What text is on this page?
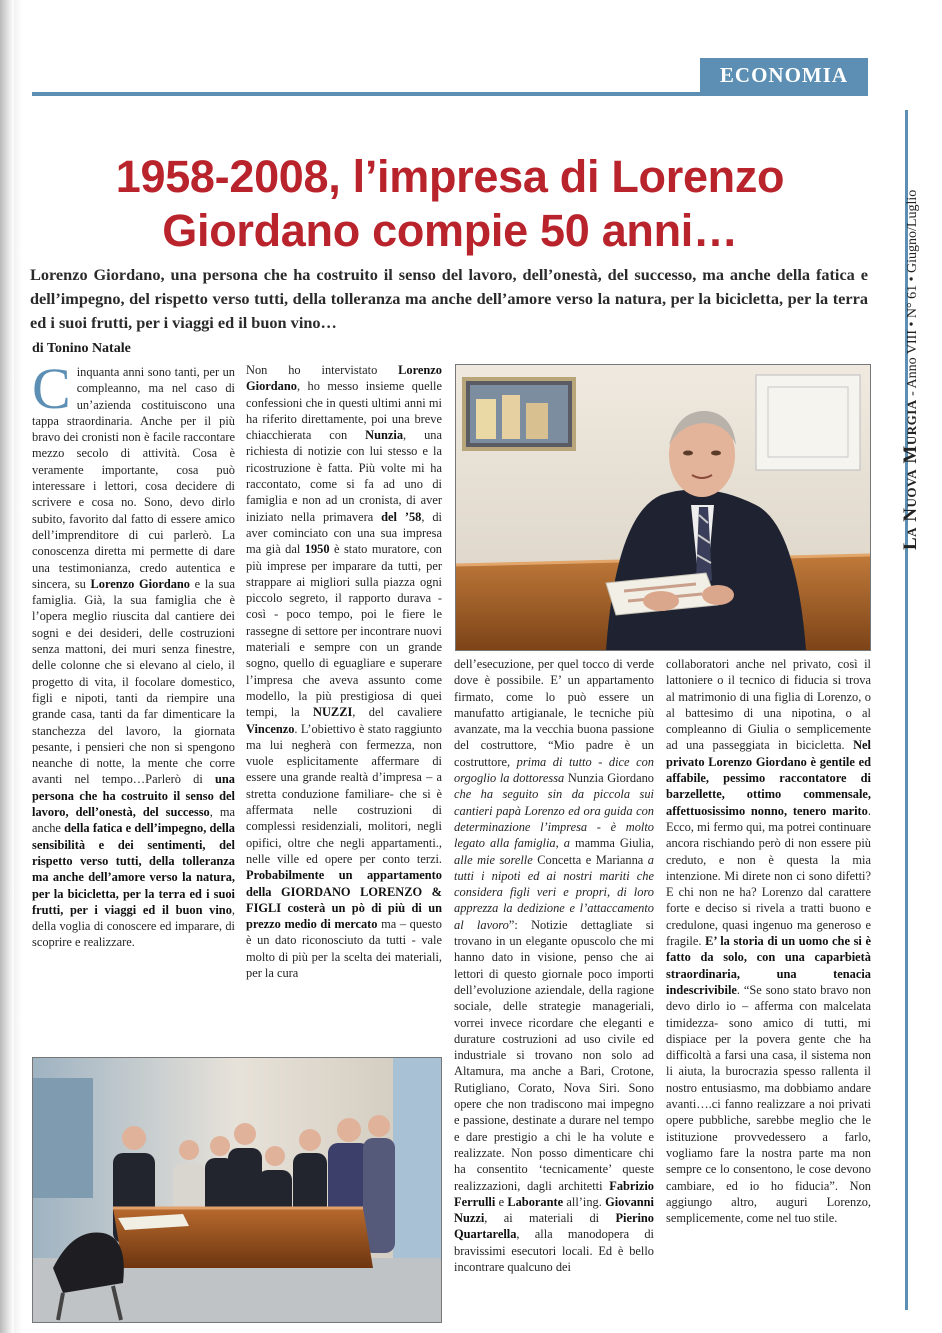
ECONOMIA
La Nuova Murgia - Anno VIII • N° 61 • Giugno/Luglio
1958-2008, l’impresa di Lorenzo
Giordano compie 50 anni…
Lorenzo Giordano, una persona che ha costruito il senso del lavoro, dell’onestà, del successo, ma anche della fatica e dell’impegno, del rispetto verso tutti, della tolleranza ma anche dell’amore verso la natura, per la bicicletta, per la terra ed i suoi frutti, per i viaggi ed il buon vino…
di Tonino Natale

Cinquanta anni sono tanti, per un compleanno, ma nel caso di un’azienda costituiscono una tappa straordinaria. Anche per il più bravo dei cronisti non è facile raccontare mezzo secolo di attività. Cosa è veramente importante, cosa può interessare i lettori, cosa decidere di scrivere e cosa no. Sono, devo dirlo subito, favorito dal fatto di essere amico dell’imprenditore di cui parlerò. La conoscenza diretta mi permette di dare una testimonianza, credo autentica e sincera, su Lorenzo Giordano e la sua famiglia. Già, la sua famiglia che è l’opera meglio riuscita dal cantiere dei sogni e dei desideri, delle costruzioni senza mattoni, dei muri senza finestre, delle colonne che si elevano al cielo, il progetto di vita, il focolare domestico, figli e nipoti, tanti da riempire una grande casa, tanti da far dimenticare la stanchezza del lavoro, la giornata pesante, i pensieri che non si spengono neanche di notte, la mente che corre avanti nel tempo…Parlerò di una persona che ha costruito il senso del lavoro, dell’onestà, del successo, ma anche della fatica e dell’impegno, della sensibilità e dei sentimenti, del rispetto verso tutti, della tolleranza ma anche dell’amore verso la natura, per la bicicletta, per la terra ed i suoi frutti, per i viaggi ed il buon vino, della voglia di conoscere ed imparare, di scoprire e realizzare.

Non ho intervistato Lorenzo Giordano, ho messo insieme quelle confessioni che in questi ultimi anni mi ha riferito direttamente, poi una breve chiacchierata con Nunzia, una richiesta di notizie con lui stesso e la ricostruzione è fatta. Più volte mi ha raccontato, come si fa ad uno di famiglia e non ad un cronista, di aver iniziato nella primavera del ’58, di aver cominciato con una sua impresa ma già dal 1950 è stato muratore, con più imprese per imparare da tutti, per strappare ai migliori sulla piazza ogni piccolo segreto, il rapporto durava - così - poco tempo, poi le fiere le rassegne di settore per incontrare nuovi materiali e sempre con un grande sogno, quello di eguagliare e superare l’impresa che aveva assunto come modello, la più prestigiosa di quei tempi, la NUZZI, del cavaliere Vincenzo. L’obiettivo è stato raggiunto ma lui negherà con fermezza, non vuole esplicitamente affermare di essere una grande realtà d’impresa – a stretta conduzione familiare- che si è affermata nelle costruzioni di complessi residenziali, molitori, negli opifici, oltre che negli appartamenti., nelle ville ed opere per conto terzi. Probabilmente un appartamento della GIORDANO LORENZO & FIGLI costerà un pò di più di un prezzo medio di mercato ma – questo è un dato riconosciuto da tutti - vale molto di più per la scelta dei materiali, per la cura

dell’esecuzione, per quel tocco di verde dove è possibile. E’ un appartamento firmato, come lo può essere un manufatto artigianale, le tecniche più avanzate, ma la vecchia buona passione del costruttore, “Mio padre è un costruttore, prima di tutto - dice con orgoglio la dottoressa Nunzia Giordano che ha seguito sin da piccola sui cantieri papà Lorenzo ed ora guida con determinazione l’impresa - è molto legato alla famiglia, a mamma Giulia, alle mie sorelle Concetta e Marianna a tutti i nipoti ed ai nostri mariti che considera figli veri e propri, di loro apprezza la dedizione e l’attaccamento al lavoro”: Notizie dettagliate si trovano in un elegante opuscolo che mi hanno dato in visione, penso che ai lettori di questo giornale poco importi dell’evoluzione aziendale, della ragione sociale, delle strategie manageriali, vorrei invece ricordare che eleganti e durature costruzioni ad uso civile ed industriale si trovano non solo ad Altamura, ma anche a Bari, Crotone, Rutigliano, Corato, Nova Siri. Sono opere che non tradiscono mai impegno e passione, destinate a durare nel tempo e dare prestigio a chi le ha volute e realizzate. Non posso dimenticare chi ha consentito ‘tecnicamente’ queste realizzazioni, dagli architetti Fabrizio Ferrulli e Laborante all’ing. Giovanni Nuzzi, ai materiali di Pierino Quartarella, alla manodopera di bravissimi esecutori locali. Ed è bello incontrare qualcuno dei

collaboratori anche nel privato, così il lattoniere o il tecnico di fiducia si trova al matrimonio di una figlia di Lorenzo, o al battesimo di una nipotina, o al compleanno di Giulia o semplicemente ad una passeggiata in bicicletta. Nel privato Lorenzo Giordano è gentile ed affabile, pessimo raccontatore di barzellette, ottimo commensale, affettuosissimo nonno, tenero marito. Ecco, mi fermo qui, ma potrei continuare ancora rischiando però di non essere più creduto, e non è questa la mia intenzione. Mi direte non ci sono difetti? E chi non ne ha? Lorenzo dal carattere forte e deciso si rivela a tratti buono e credulone, quasi ingenuo ma generoso e fragile. E’ la storia di un uomo che si è fatto da solo, con una caparbietà straordinaria, una tenacia indescrivibile. “Se sono stato bravo non devo dirlo io – afferma con malcelata timidezza- sono amico di tutti, mi dispiace per la povera gente che ha difficoltà a farsi una casa, il sistema non li aiuta, la burocrazia spesso rallenta il nostro entusiasmo, ma dobbiamo andare avanti….ci fanno realizzare a noi privati opere pubbliche, sarebbe meglio che le istituzione provvedessero a farlo, vogliamo fare la nostra parte ma non sempre ce lo consentono, le cose devono cambiare, ed io ho fiducia”. Non aggiungo altro, auguri Lorenzo, semplicemente, come nel tuo stile.
